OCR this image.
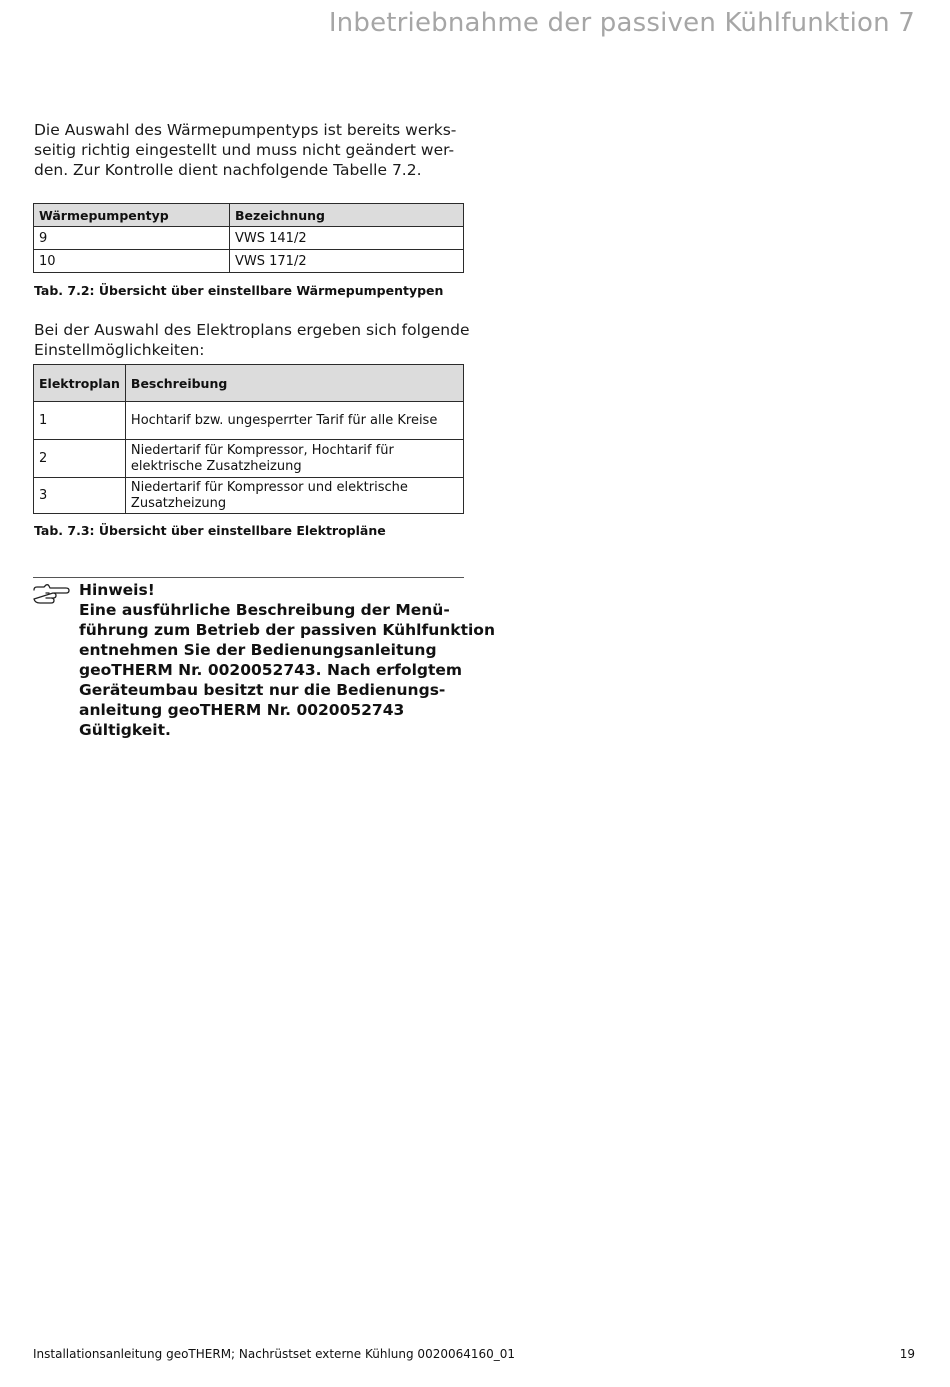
Inbetriebnahme der passiven Kühlfunktion 7
Die Auswahl des Wärmepumpentyps ist bereits werks-
seitig richtig eingestellt und muss nicht geändert wer-
den. Zur Kontrolle dient nachfolgende Tabelle 7.2.
Wärmepumpentyp	Bezeichnung
9	VWS 141/2
10	VWS 171/2
Tab. 7.2: Übersicht über einstellbare Wärmepumpentypen
Bei der Auswahl des Elektroplans ergeben sich folgende
Einstellmöglichkeiten:
Elektroplan	Beschreibung
1	Hochtarif bzw. ungesperrter Tarif für alle Kreise
2	Niedertarif für Kompressor, Hochtarif für
elektrische Zusatzheizung

3	Niedertarif für Kompressor und elektrische
Zusatzheizung
Tab. 7.3: Übersicht über einstellbare Elektropläne
Hinweis!
Eine ausführliche Beschreibung der Menü-
führung zum Betrieb der passiven Kühlfunktion
entnehmen Sie der Bedienungsanleitung
geoTHERM Nr. 0020052743. Nach erfolgtem
Geräteumbau besitzt nur die Bedienungs-
anleitung geoTHERM Nr. 0020052743
Gültigkeit.
Installationsanleitung geoTHERM; Nachrüstset externe Kühlung 0020064160_01	19
